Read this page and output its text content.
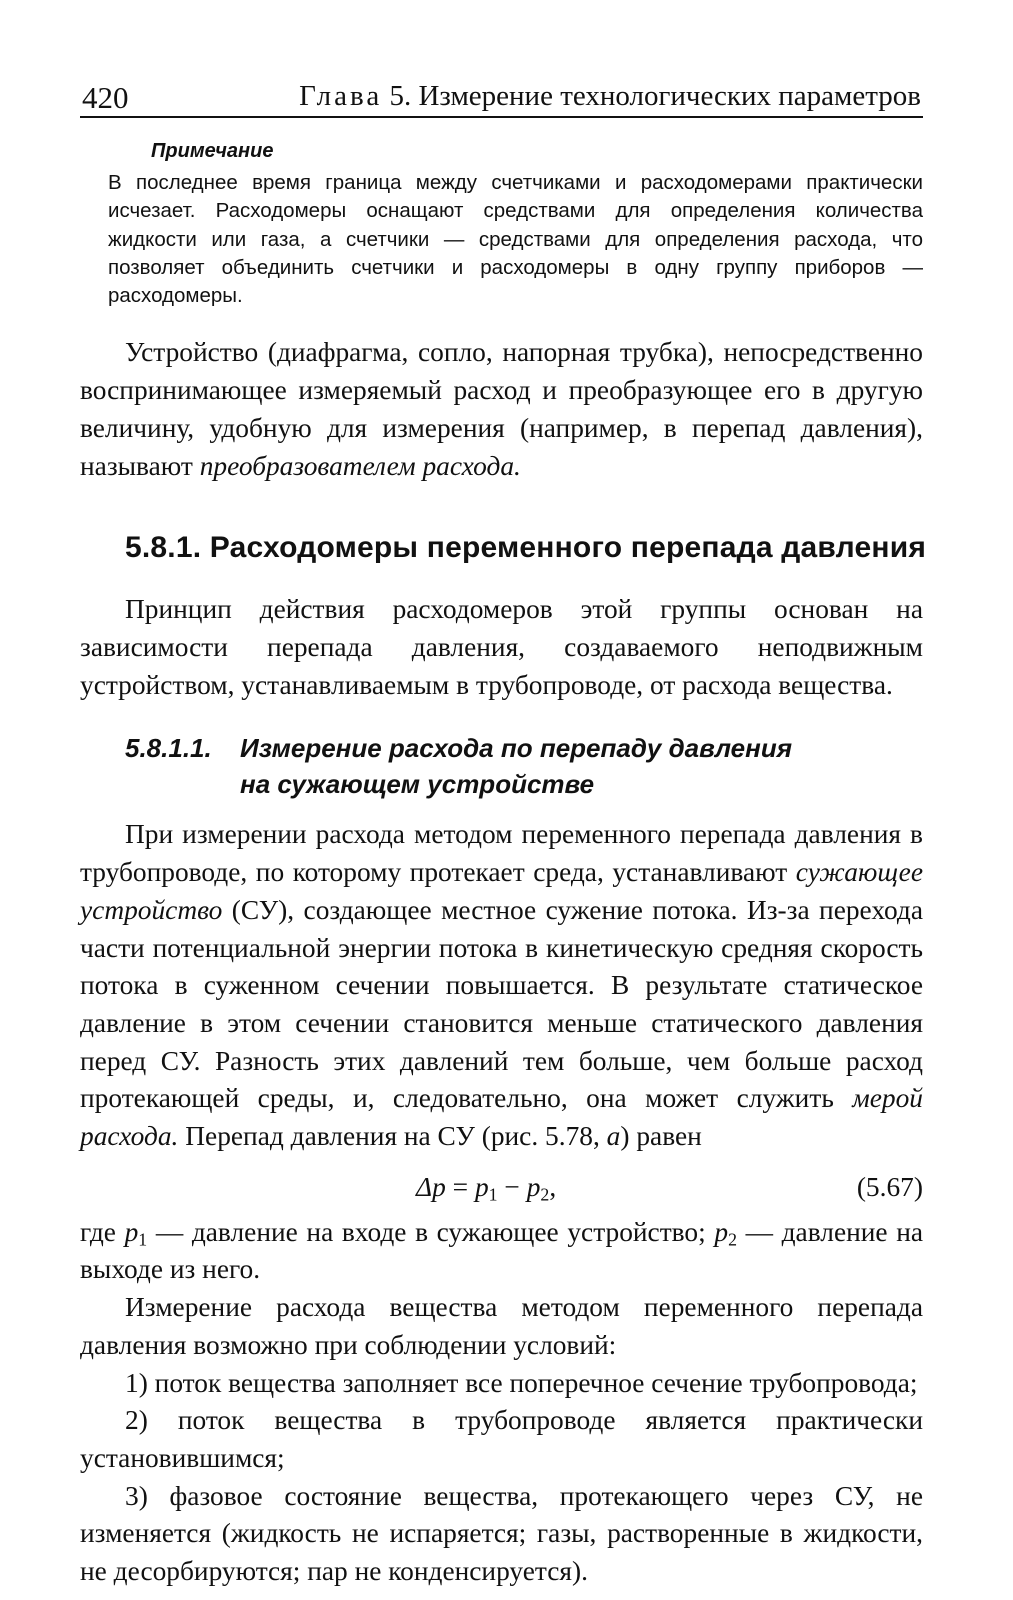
420	Глава 5. Измерение технологических параметров
Примечание
В последнее время граница между счетчиками и расходомерами практически исчезает. Расходомеры оснащают средствами для определения количества жидкости или газа, а счетчики — средствами для определения расхода, что позволяет объединить счетчики и расходомеры в одну группу приборов — расходомеры.

Устройство (диафрагма, сопло, напорная трубка), непосредственно воспринимающее измеряемый расход и преобразующее его в другую величину, удобную для измерения (например, в перепад давления), называют преобразователем расхода.

5.8.1. Расходомеры переменного перепада давления

Принцип действия расходомеров этой группы основан на зависимости перепада давления, создаваемого неподвижным устройством, устанавливаемым в трубопроводе, от расхода вещества.

5.8.1.1. Измерение расхода по перепаду давления
на сужающем устройстве

При измерении расхода методом переменного перепада давления в трубопроводе, по которому протекает среда, устанавливают сужающее устройство (СУ), создающее местное сужение потока. Из-за перехода части потенциальной энергии потока в кинетическую средняя скорость потока в суженном сечении повышается. В результате статическое давление в этом сечении становится меньше статического давления перед СУ. Разность этих давлений тем больше, чем больше расход протекающей среды, и, следовательно, она может служить мерой расхода. Перепад давления на СУ (рис. 5.78, а) равен

$\Delta p = p_1 - p_2$,	(5.67)

где $p_1$ — давление на входе в сужающее устройство; $p_2$ — давление на выходе из него.

Измерение расхода вещества методом переменного перепада давления возможно при соблюдении условий:

1) поток вещества заполняет все поперечное сечение трубопровода;

2) поток вещества в трубопроводе является практически установившимся;

3) фазовое состояние вещества, протекающего через СУ, не изменяется (жидкость не испаряется; газы, растворенные в жидкости, не десорбируются; пар не конденсируется).
